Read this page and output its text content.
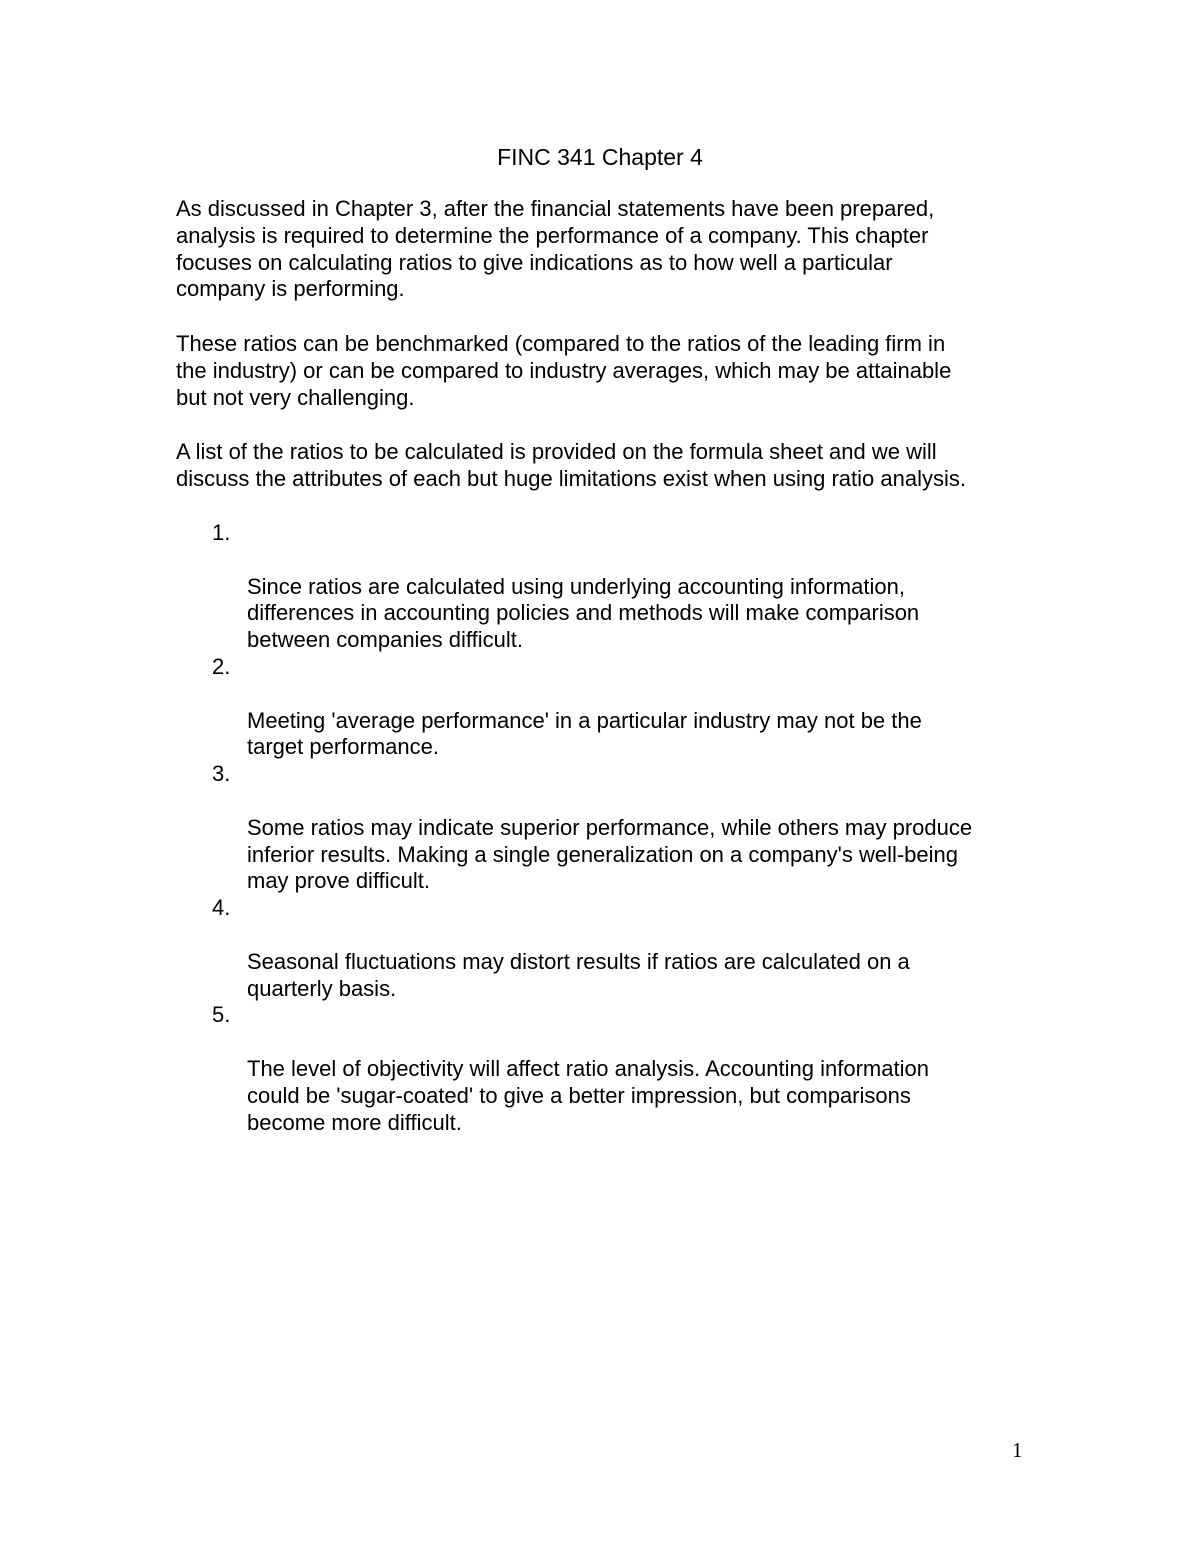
FINC 341 Chapter 4

As discussed in Chapter 3, after the financial statements have been prepared,
analysis is required to determine the performance of a company. This chapter
focuses on calculating ratios to give indications as to how well a particular
company is performing.

These ratios can be benchmarked (compared to the ratios of the leading firm in
the industry) or can be compared to industry averages, which may be attainable
but not very challenging.

A list of the ratios to be calculated is provided on the formula sheet and we will
discuss the attributes of each but huge limitations exist when using ratio analysis.

1.

Since ratios are calculated using underlying accounting information,
differences in accounting policies and methods will make comparison
between companies difficult.

2.

Meeting 'average performance' in a particular industry may not be the
target performance.

3.

Some ratios may indicate superior performance, while others may produce
inferior results. Making a single generalization on a company's well-being
may prove difficult.

4.

Seasonal fluctuations may distort results if ratios are calculated on a
quarterly basis.

5.

The level of objectivity will affect ratio analysis. Accounting information
could be 'sugar-coated' to give a better impression, but comparisons
become more difficult.

1
